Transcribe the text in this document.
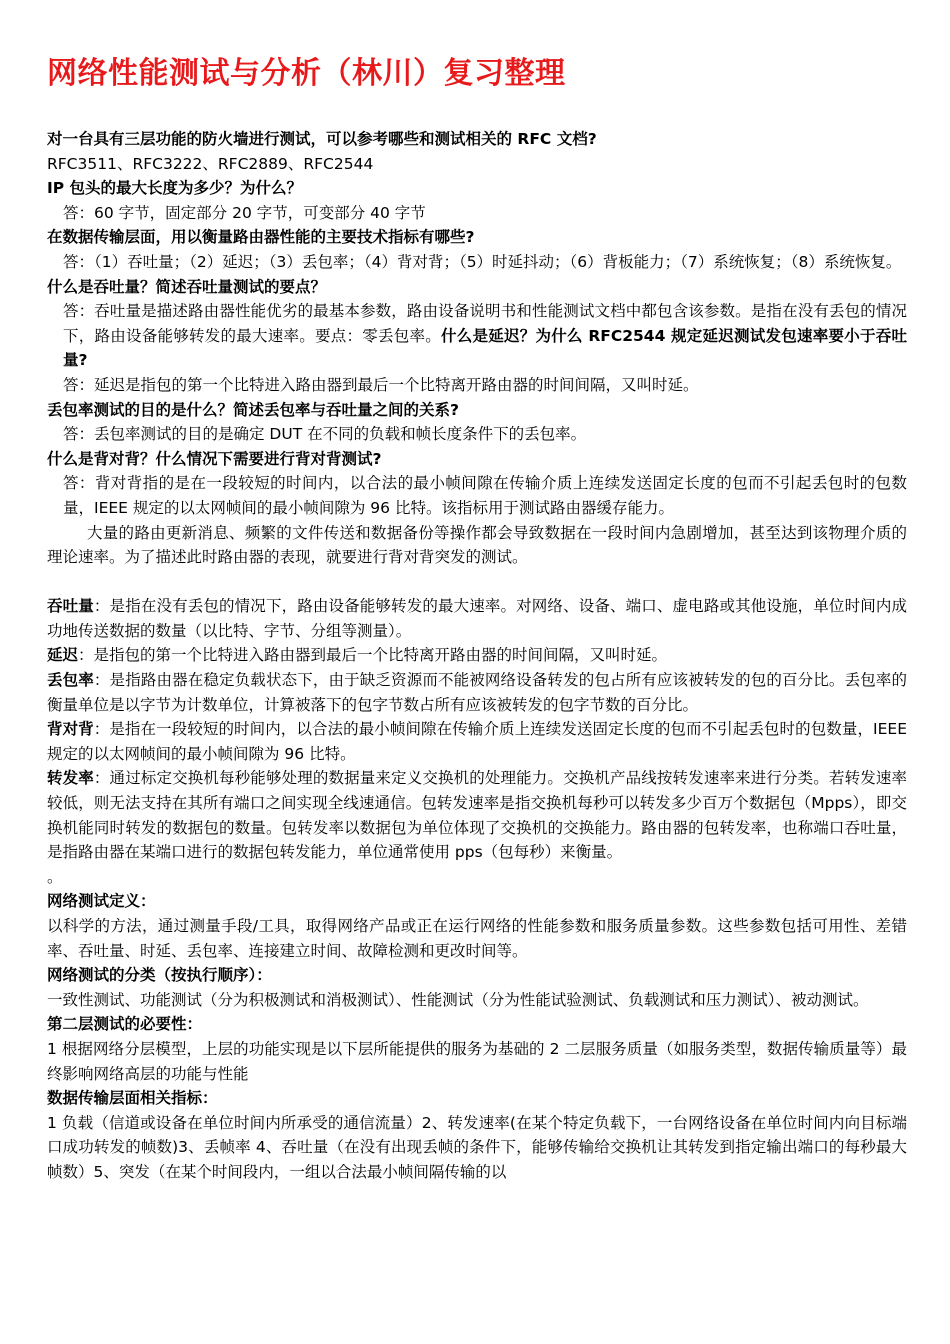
网络性能测试与分析（林川）复习整理

对一台具有三层功能的防火墙进行测试，可以参考哪些和测试相关的 RFC 文档?

RFC3511、RFC3222、RFC2889、RFC2544

IP 包头的最大长度为多少？为什么？

答：60 字节，固定部分 20 字节，可变部分 40 字节

在数据传输层面，用以衡量路由器性能的主要技术指标有哪些?

答：（1）吞吐量；（2）延迟；（3）丢包率；（4）背对背；（5）时延抖动；（6）背板能力；（7）系统恢复；（8）系统恢复。

什么是吞吐量？简述吞吐量测试的要点？

答：吞吐量是描述路由器性能优劣的最基本参数，路由设备说明书和性能测试文档中都包含该参数。是指在没有丢包的情况下，路由设备能够转发的最大速率。要点：零丢包率。什么是延迟？为什么 RFC2544 规定延迟测试发包速率要小于吞吐量?

答：延迟是指包的第一个比特进入路由器到最后一个比特离开路由器的时间间隔，又叫时延。

丢包率测试的目的是什么？简述丢包率与吞吐量之间的关系?

答：丢包率测试的目的是确定 DUT 在不同的负载和帧长度条件下的丢包率。

什么是背对背？什么情况下需要进行背对背测试?

答：背对背指的是在一段较短的时间内，以合法的最小帧间隙在传输介质上连续发送固定长度的包而不引起丢包时的包数量，IEEE 规定的以太网帧间的最小帧间隙为 96 比特。该指标用于测试路由器缓存能力。

大量的路由更新消息、频繁的文件传送和数据备份等操作都会导致数据在一段时间内急剧增加，甚至达到该物理介质的理论速率。为了描述此时路由器的表现，就要进行背对背突发的测试。

吞吐量：是指在没有丢包的情况下，路由设备能够转发的最大速率。对网络、设备、端口、虚电路或其他设施，单位时间内成功地传送数据的数量（以比特、字节、分组等测量）。

延迟：是指包的第一个比特进入路由器到最后一个比特离开路由器的时间间隔，又叫时延。

丢包率：是指路由器在稳定负载状态下，由于缺乏资源而不能被网络设备转发的包占所有应该被转发的包的百分比。丢包率的衡量单位是以字节为计数单位，计算被落下的包字节数占所有应该被转发的包字节数的百分比。

背对背：是指在一段较短的时间内，以合法的最小帧间隙在传输介质上连续发送固定长度的包而不引起丢包时的包数量，IEEE 规定的以太网帧间的最小帧间隙为 96 比特。

转发率：通过标定交换机每秒能够处理的数据量来定义交换机的处理能力。交换机产品线按转发速率来进行分类。若转发速率较低，则无法支持在其所有端口之间实现全线速通信。包转发速率是指交换机每秒可以转发多少百万个数据包（Mpps），即交换机能同时转发的数据包的数量。包转发率以数据包为单位体现了交换机的交换能力。路由器的包转发率，也称端口吞吐量，是指路由器在某端口进行的数据包转发能力，单位通常使用 pps（包每秒）来衡量。

。

网络测试定义：

以科学的方法，通过测量手段/工具，取得网络产品或正在运行网络的性能参数和服务质量参数。这些参数包括可用性、差错率、吞吐量、时延、丢包率、连接建立时间、故障检测和更改时间等。

网络测试的分类（按执行顺序）：

一致性测试、功能测试（分为积极测试和消极测试）、性能测试（分为性能试验测试、负载测试和压力测试）、被动测试。

第二层测试的必要性：

1 根据网络分层模型，上层的功能实现是以下层所能提供的服务为基础的 2 二层服务质量（如服务类型，数据传输质量等）最终影响网络高层的功能与性能

数据传输层面相关指标：

1 负载（信道或设备在单位时间内所承受的通信流量）2、转发速率(在某个特定负载下，一台网络设备在单位时间内向目标端口成功转发的帧数)3、丢帧率 4、吞吐量（在没有出现丢帧的条件下，能够传输给交换机让其转发到指定输出端口的每秒最大帧数）5、突发（在某个时间段内，一组以合法最小帧间隔传输的以
